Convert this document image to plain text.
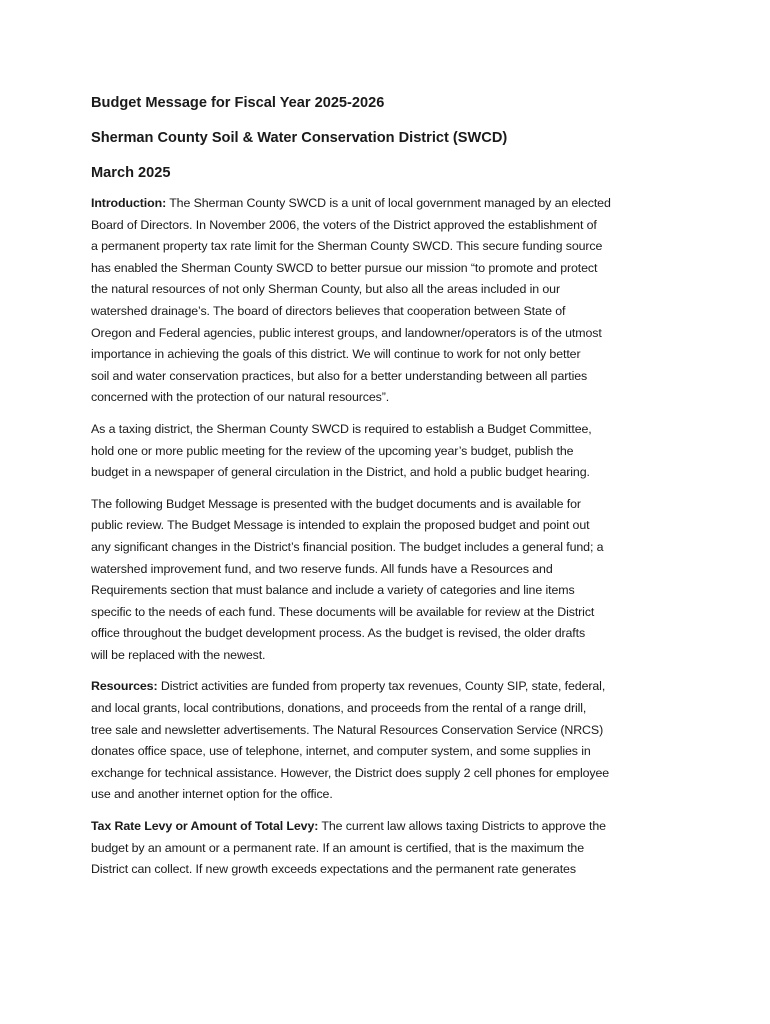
Budget Message for Fiscal Year 2025-2026
Sherman County Soil & Water Conservation District (SWCD)
March 2025

Introduction: The Sherman County SWCD is a unit of local government managed by an elected
Board of Directors. In November 2006, the voters of the District approved the establishment of
a permanent property tax rate limit for the Sherman County SWCD. This secure funding source
has enabled the Sherman County SWCD to better pursue our mission “to promote and protect
the natural resources of not only Sherman County, but also all the areas included in our
watershed drainage’s. The board of directors believes that cooperation between State of
Oregon and Federal agencies, public interest groups, and landowner/operators is of the utmost
importance in achieving the goals of this district. We will continue to work for not only better
soil and water conservation practices, but also for a better understanding between all parties
concerned with the protection of our natural resources”.

As a taxing district, the Sherman County SWCD is required to establish a Budget Committee,
hold one or more public meeting for the review of the upcoming year’s budget, publish the
budget in a newspaper of general circulation in the District, and hold a public budget hearing.

The following Budget Message is presented with the budget documents and is available for
public review. The Budget Message is intended to explain the proposed budget and point out
any significant changes in the District’s financial position. The budget includes a general fund; a
watershed improvement fund, and two reserve funds. All funds have a Resources and
Requirements section that must balance and include a variety of categories and line items
specific to the needs of each fund. These documents will be available for review at the District
office throughout the budget development process. As the budget is revised, the older drafts
will be replaced with the newest.

Resources: District activities are funded from property tax revenues, County SIP, state, federal,
and local grants, local contributions, donations, and proceeds from the rental of a range drill,
tree sale and newsletter advertisements. The Natural Resources Conservation Service (NRCS)
donates office space, use of telephone, internet, and computer system, and some supplies in
exchange for technical assistance. However, the District does supply 2 cell phones for employee
use and another internet option for the office.

Tax Rate Levy or Amount of Total Levy: The current law allows taxing Districts to approve the
budget by an amount or a permanent rate. If an amount is certified, that is the maximum the
District can collect. If new growth exceeds expectations and the permanent rate generates
